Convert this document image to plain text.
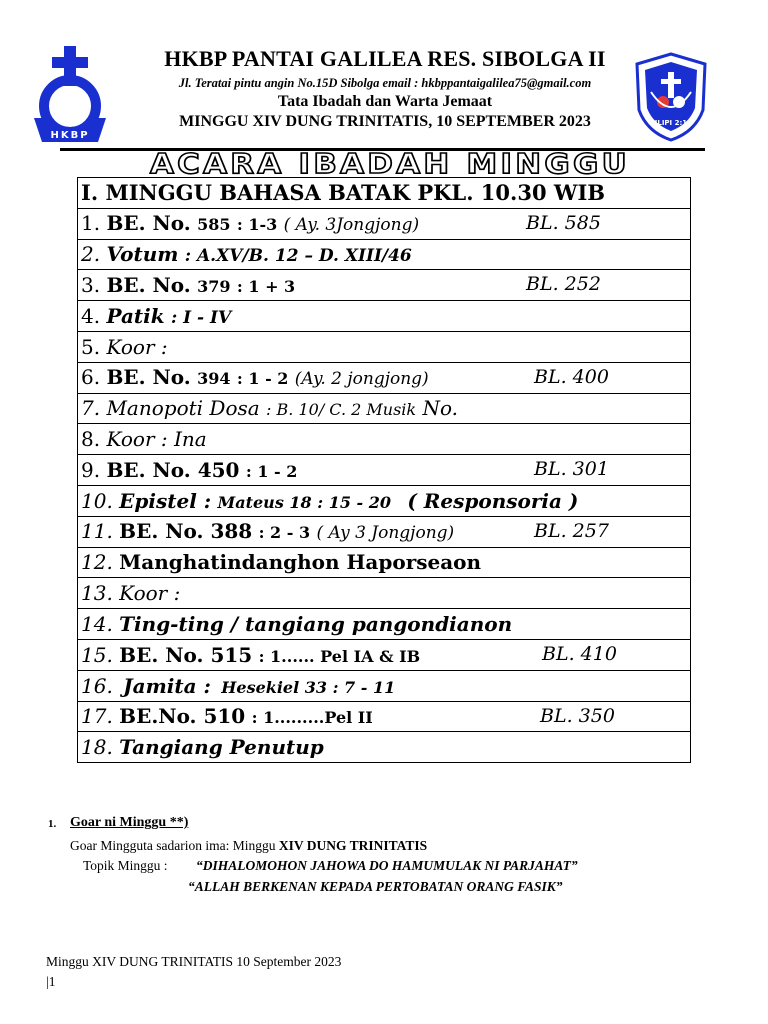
HKBP
FILIPI 2:12
HKBP PANTAI GALILEA RES. SIBOLGA II
Jl. Teratai pintu angin No.15D Sibolga email : hkbppantaigalilea75@gmail.com
Tata Ibadah dan Warta Jemaat
MINGGU XIV DUNG TRINITATIS, 10 SEPTEMBER 2023
ACARA IBADAH MINGGU
I. MINGGU BAHASA BATAK PKL. 10.30 WIB
1. BE. No. 585 : 1-3 ( Ay. 3Jongjong)	BL. 585

2. Votum : A.XV/B. 12 – D. XIII/46
3. BE. No. 379 : 1 + 3	BL. 252

4. Patik : I - IV
5. Koor :
6. BE. No. 394 : 1 - 2 (Ay. 2 jongjong)	BL. 400

7. Manopoti Dosa : B. 10/ C. 2 Musik No.
8. Koor : Ina
9. BE. No. 450 : 1 - 2	BL. 301

10. Epistel : Mateus 18 : 15 - 20 ( Responsoria )
11. BE. No. 388 : 2 - 3 ( Ay 3 Jongjong)	BL. 257

12. Manghatindanghon Haporseaon
13. Koor :
14. Ting-ting / tangiang pangondianon
15. BE. No. 515 : 1...... Pel IA & IB	BL. 410

16. Jamita : Hesekiel 33 : 7 - 11
17. BE.No. 510 : 1.........Pel II	BL. 350

18. Tangiang Penutup
1. Goar ni Minggu **)
Goar Mingguta sadarion ima: Minggu XIV DUNG TRINITATIS
Topik Minggu : “DIHALOMOHON JAHOWA DO HAMUMULAK NI PARJAHAT”
“ALLAH BERKENAN KEPADA PERTOBATAN ORANG FASIK”
Minggu XIV DUNG TRINITATIS 10 September 2023
|1
